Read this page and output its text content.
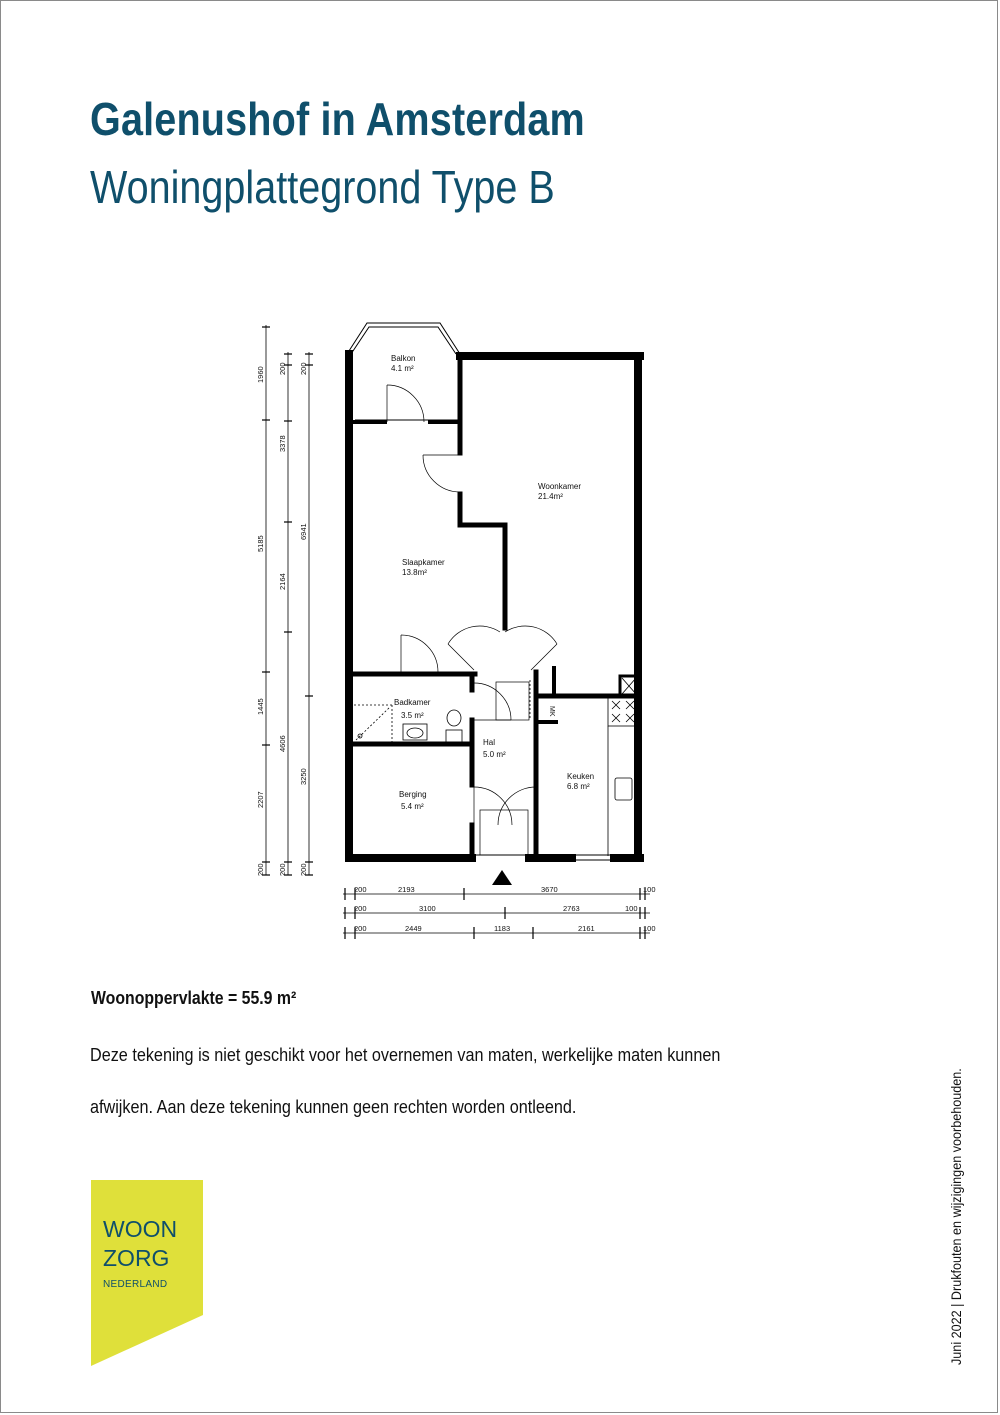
Galenushof in Amsterdam
Woningplattegrond Type B
1960
5185
1445
2207
200
200
3378
2164
4606
200
200
6941
3250
200
200	2193	3670	100
200	3100	2763	100
200	2449	1183	2161	100
Balkon
4.1 m²
Woonkamer
21.4m²
Slaapkamer
13.8m²
Badkamer
3.5 m²
Hal
5.0 m²
Keuken
6.8 m²
Berging
5.4 m²
MK
Woonoppervlakte = 55.9 m²
Deze tekening is niet geschikt voor het overnemen van maten, werkelijke maten kunnen
afwijken. Aan deze tekening kunnen geen rechten worden ontleend.	Juni 2022 | Drukfouten en wijzigingen voorbehouden.
WOON
ZORG
NEDERLAND
